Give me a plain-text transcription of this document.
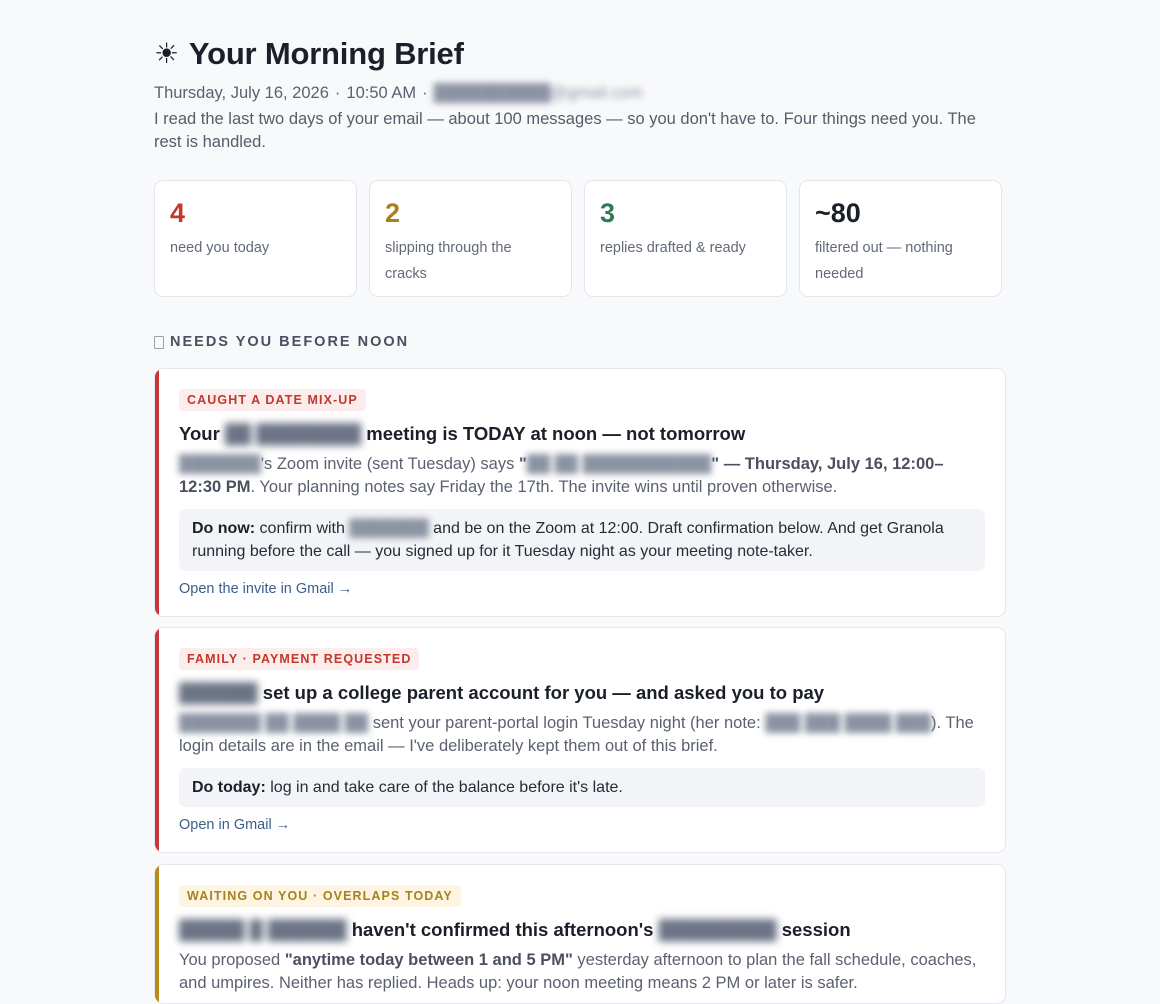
☀ Your Morning Brief
Thursday, July 16, 2026 · 10:50 AM · ██████████@gmail.com
I read the last two days of your email — about 100 messages — so you don't have to. Four things need you. The rest is handled.
4
need you today
2
slipping through the cracks
3
replies drafted & ready
~80
filtered out — nothing needed
NEEDS YOU BEFORE NOON
CAUGHT A DATE MIX-UP
Your ██ ████████ meeting is TODAY at noon — not tomorrow
███████'s Zoom invite (sent Tuesday) says "██ ██ ███████████" — Thursday, July 16, 12:00–12:30 PM. Your planning notes say Friday the 17th. The invite wins until proven otherwise.
Do now: confirm with ███████ and be on the Zoom at 12:00. Draft confirmation below. And get Granola running before the call — you signed up for it Tuesday night as your meeting note-taker.
Open the invite in Gmail →
FAMILY · PAYMENT REQUESTED
██████ set up a college parent account for you — and asked you to pay
███████ ██ ████ ██ sent your parent-portal login Tuesday night (her note: ███ ███ ████ ███). The login details are in the email — I've deliberately kept them out of this brief.
Do today: log in and take care of the balance before it's late.
Open in Gmail →
WAITING ON YOU · OVERLAPS TODAY
█████ █ ██████ haven't confirmed this afternoon's █████████ session
You proposed "anytime today between 1 and 5 PM" yesterday afternoon to plan the fall schedule, coaches, and umpires. Neither has replied. Heads up: your noon meeting means 2 PM or later is safer.
